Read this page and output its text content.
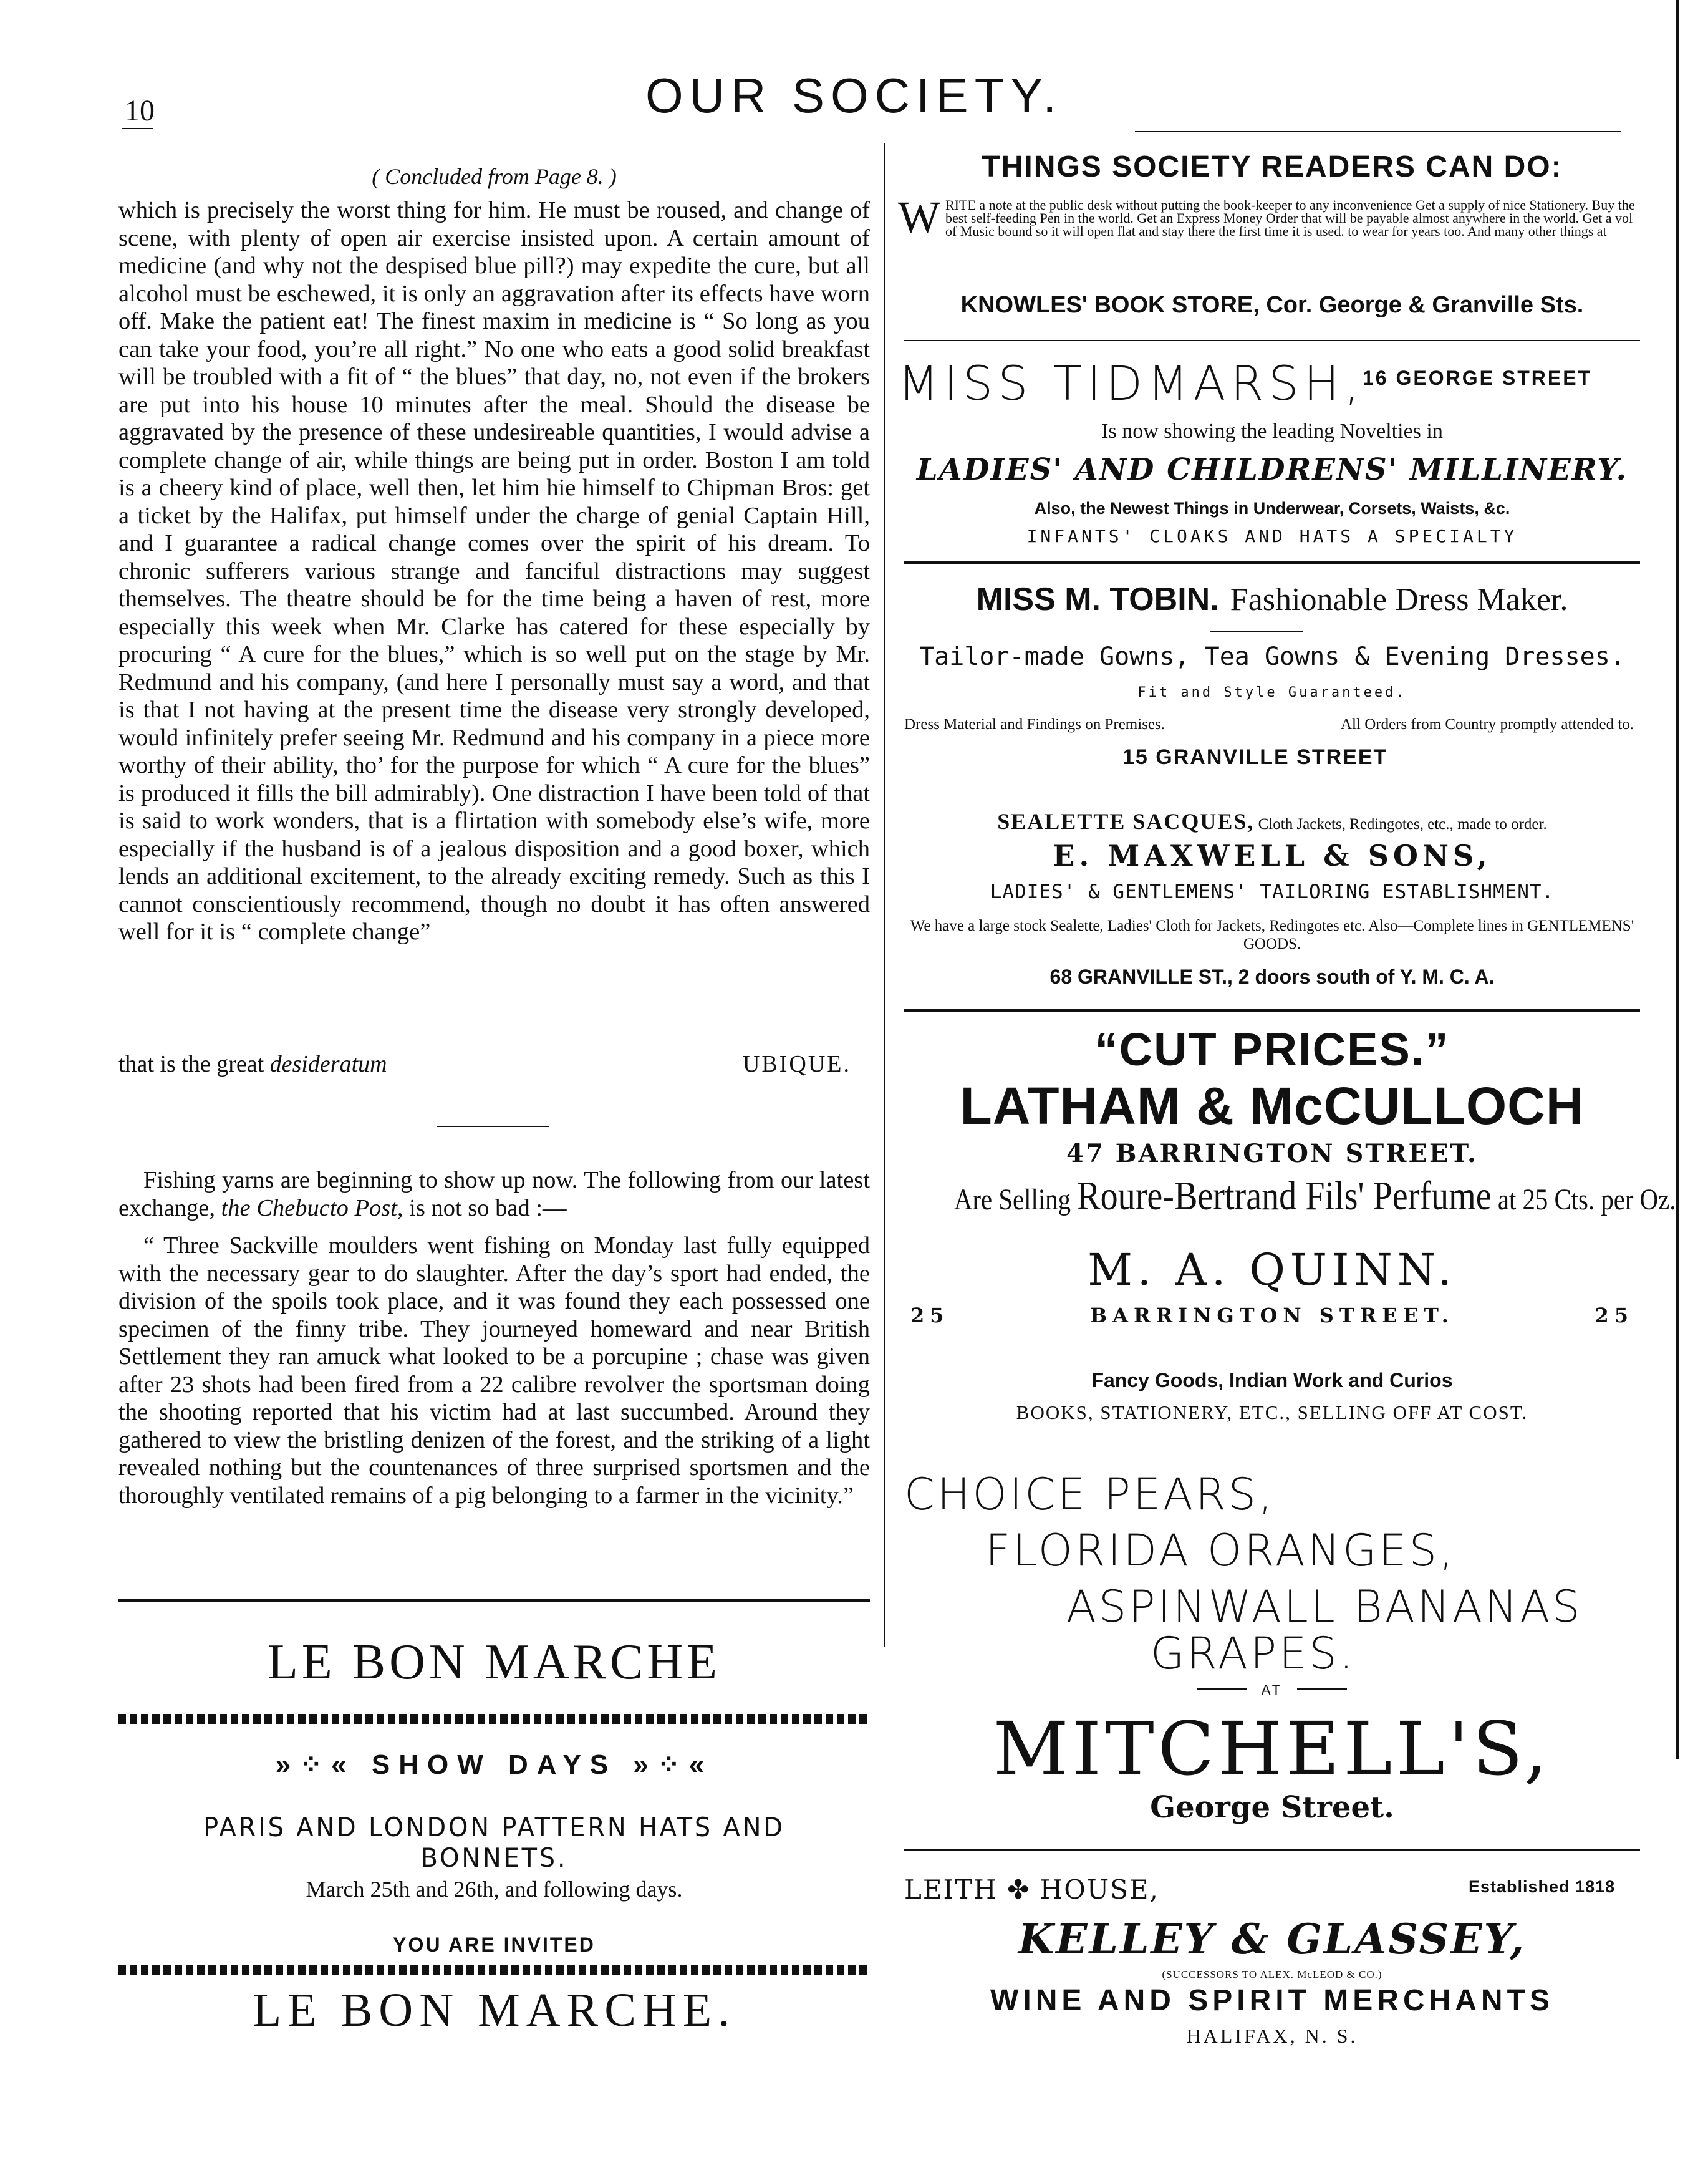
10	OUR SOCIETY.
( Concluded from Page 8. )
which is precisely the worst thing for him. He must be roused, and change of scene, with plenty of open air exercise insisted upon. A certain amount of medicine (and why not the despised blue pill?) may expedite the cure, but all alcohol must be eschewed, it is only an aggravation after its effects have worn off. Make the patient eat! The finest maxim in medicine is “ So long as you can take your food, you’re all right.” No one who eats a good solid breakfast will be troubled with a fit of “ the blues” that day, no, not even if the brokers are put into his house 10 minutes after the meal. Should the disease be aggravated by the presence of these undesireable quantities, I would advise a complete change of air, while things are being put in order. Boston I am told is a cheery kind of place, well then, let him hie himself to Chipman Bros: get a ticket by the Halifax, put himself under the charge of genial Captain Hill, and I guarantee a radical change comes over the spirit of his dream. To chronic sufferers various strange and fanciful distractions may suggest themselves. The theatre should be for the time being a haven of rest, more especially this week when Mr. Clarke has catered for these especially by procuring “ A cure for the blues,” which is so well put on the stage by Mr. Redmund and his company, (and here I personally must say a word, and that is that I not having at the present time the disease very strongly developed, would infinitely prefer seeing Mr. Redmund and his company in a piece more worthy of their ability, tho’ for the purpose for which “ A cure for the blues” is produced it fills the bill admirably). One distraction I have been told of that is said to work wonders, that is a flirtation with somebody else’s wife, more especially if the husband is of a jealous disposition and a good boxer, which lends an additional excitement, to the already exciting remedy. Such as this I cannot conscientiously recommend, though no doubt it has often answered well for it is “ complete change”
that is the great desideratum	UBIQUE.
Fishing yarns are beginning to show up now. The following from our latest exchange, the Chebucto Post, is not so bad :—
“ Three Sackville moulders went fishing on Monday last fully equipped with the necessary gear to do slaughter. After the day’s sport had ended, the division of the spoils took place, and it was found they each possessed one specimen of the finny tribe. They journeyed homeward and near British Settlement they ran amuck what looked to be a porcupine ; chase was given after 23 shots had been fired from a 22 calibre revolver the sportsman doing the shooting reported that his victim had at last succumbed. Around they gathered to view the bristling denizen of the forest, and the striking of a light revealed nothing but the countenances of three surprised sportsmen and the thoroughly ventilated remains of a pig belonging to a farmer in the vicinity.”
LE BON MARCHE
»⁘« SHOW DAYS »⁘«
PARIS AND LONDON PATTERN HATS AND BONNETS.
March 25th and 26th, and following days.
YOU ARE INVITED
LE BON MARCHE.
THINGS SOCIETY READERS CAN DO:
W RITE a note at the public desk without putting the book-keeper to any inconvenience Get a supply of nice Stationery. Buy the best self-feeding Pen in the world. Get an Express Money Order that will be payable almost anywhere in the world. Get a vol of Music bound so it will open flat and stay there the first time it is used. to wear for years too. And many other things at
KNOWLES' BOOK STORE, Cor. George & Granville Sts.
MISS TIDMARSH,
16 GEORGE STREET
Is now showing the leading Novelties in
LADIES' AND CHILDRENS' MILLINERY.
Also, the Newest Things in Underwear, Corsets, Waists, &c.
INFANTS' CLOAKS AND HATS A SPECIALTY
MISS M. TOBIN. Fashionable Dress Maker.
Tailor-made Gowns, Tea Gowns & Evening Dresses.
Fit and Style Guaranteed.
Dress Material and Findings on Premises.	All Orders from Country promptly attended to.
15 GRANVILLE STREET
SEALETTE SACQUES, Cloth Jackets, Redingotes, etc., made to order.
E. MAXWELL & SONS,
LADIES' & GENTLEMENS' TAILORING ESTABLISHMENT.
We have a large stock Sealette, Ladies' Cloth for Jackets, Redingotes etc. Also—Complete lines in GENTLEMENS' GOODS.
68 GRANVILLE ST., 2 doors south of Y. M. C. A.
“CUT PRICES.”
LATHAM & McCULLOCH
47 BARRINGTON STREET.
Are Selling Roure-Bertrand Fils' Perfume at 25 Cts. per Oz.
M. A. QUINN.
25	BARRINGTON STREET.	25
Fancy Goods, Indian Work and Curios
BOOKS, STATIONERY, ETC., SELLING OFF AT COST.
CHOICE PEARS,
FLORIDA ORANGES,
ASPINWALL BANANAS
GRAPES.
AT
MITCHELL'S,
George Street.
LEITH ✤ HOUSE,	Established 1818
KELLEY & GLASSEY,
(SUCCESSORS TO ALEX. McLEOD & CO.)
WINE AND SPIRIT MERCHANTS
HALIFAX, N. S.
